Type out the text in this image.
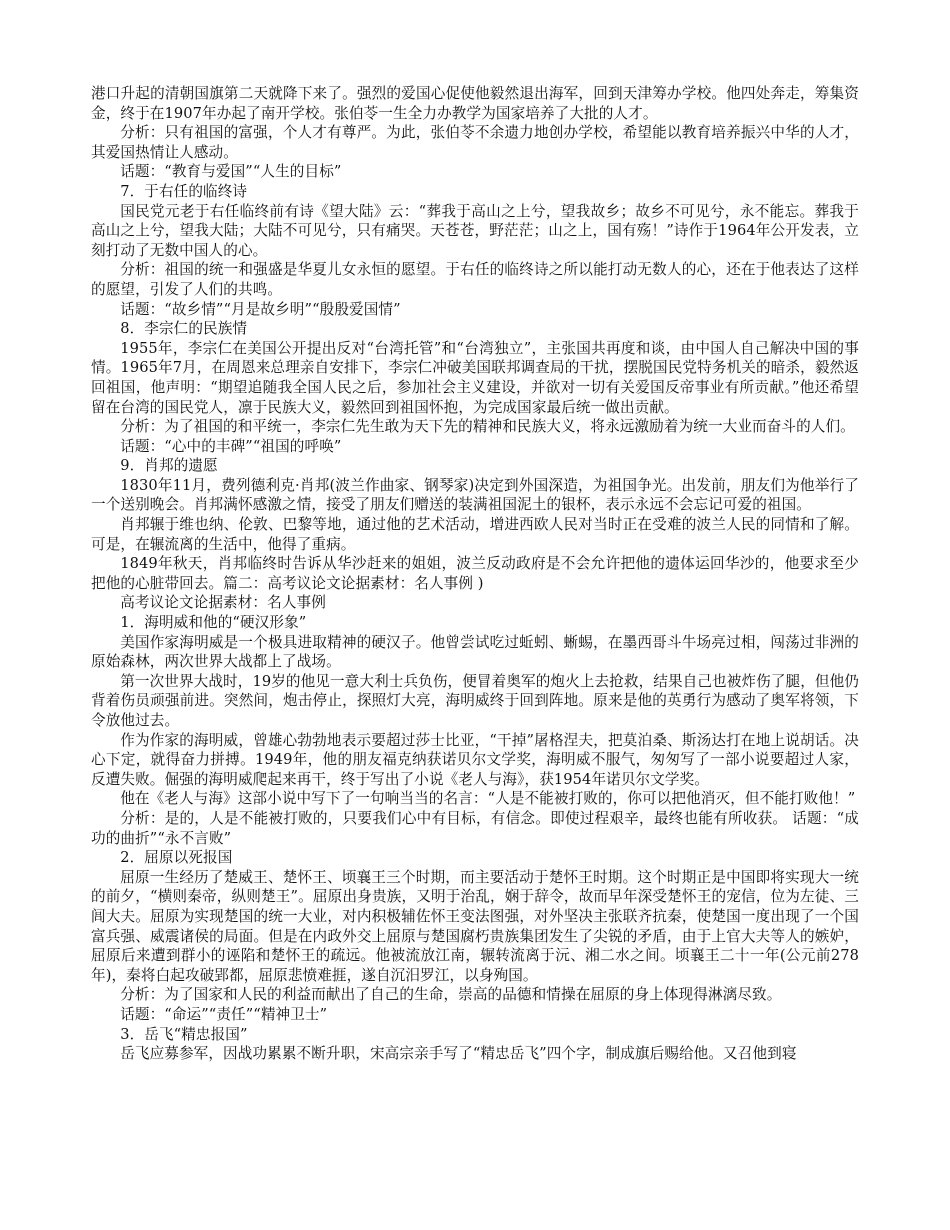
港口升起的清朝国旗第二天就降下来了。强烈的爱国心促使他毅然退出海军，回到天津筹办学校。他四处奔走，筹集资金，终于在1907年办起了南开学校。张伯苓一生全力办教学为国家培养了大批的人才。

分析：只有祖国的富强，个人才有尊严。为此，张伯苓不余遗力地创办学校，希望能以教育培养振兴中华的人才，其爱国热情让人感动。

话题：“教育与爱国”“人生的目标”

7．于右任的临终诗

国民党元老于右任临终前有诗《望大陆》云：“葬我于高山之上兮，望我故乡；故乡不可见兮，永不能忘。葬我于高山之上兮，望我大陆；大陆不可见兮，只有痛哭。天苍苍，野茫茫；山之上，国有殇！”诗作于1964年公开发表，立刻打动了无数中国人的心。

分析：祖国的统一和强盛是华夏儿女永恒的愿望。于右任的临终诗之所以能打动无数人的心，还在于他表达了这样的愿望，引发了人们的共鸣。

话题：“故乡情”“月是故乡明”“殷殷爱国情”

8．李宗仁的民族情

1955年，李宗仁在美国公开提出反对“台湾托管”和“台湾独立”，主张国共再度和谈，由中国人自己解决中国的事情。1965年7月，在周恩来总理亲自安排下，李宗仁冲破美国联邦调查局的干扰，摆脱国民党特务机关的暗杀，毅然返回祖国，他声明：“期望追随我全国人民之后，参加社会主义建设，并欲对一切有关爱国反帝事业有所贡献。”他还希望留在台湾的国民党人，凛于民族大义，毅然回到祖国怀抱，为完成国家最后统一做出贡献。

分析：为了祖国的和平统一，李宗仁先生敢为天下先的精神和民族大义，将永远激励着为统一大业而奋斗的人们。

话题：“心中的丰碑”“祖国的呼唤”

9．肖邦的遗愿

1830年11月，费列德利克·肖邦(波兰作曲家、钢琴家)决定到外国深造，为祖国争光。出发前，朋友们为他举行了一个送别晚会。肖邦满怀感激之情，接受了朋友们赠送的装满祖国泥土的银杯，表示永远不会忘记可爱的祖国。

肖邦辗于维也纳、伦敦、巴黎等地，通过他的艺术活动，增进西欧人民对当时正在受难的波兰人民的同情和了解。可是，在辗流离的生活中，他得了重病。

1849年秋天，肖邦临终时告诉从华沙赶来的姐姐，波兰反动政府是不会允许把他的遗体运回华沙的，他要求至少把他的心脏带回去。篇二：高考议论文论据素材：名人事例 )

高考议论文论据素材：名人事例

1．海明威和他的“硬汉形象”

美国作家海明威是一个极具进取精神的硬汉子。他曾尝试吃过蚯蚓、蜥蜴，在墨西哥斗牛场亮过相，闯荡过非洲的原始森林，两次世界大战都上了战场。

第一次世界大战时，19岁的他见一意大利士兵负伤，便冒着奥军的炮火上去抢救，结果自己也被炸伤了腿，但他仍背着伤员顽强前进。突然间，炮击停止，探照灯大亮，海明威终于回到阵地。原来是他的英勇行为感动了奥军将领，下令放他过去。

作为作家的海明威，曾雄心勃勃地表示要超过莎士比亚，“干掉”屠格涅夫，把莫泊桑、斯汤达打在地上说胡话。决心下定，就得奋力拼搏。1949年，他的朋友福克纳获诺贝尔文学奖，海明威不服气，匆匆写了一部小说要超过人家，反遭失败。倔强的海明威爬起来再干，终于写出了小说《老人与海》，获1954年诺贝尔文学奖。

他在《老人与海》这部小说中写下了一句响当当的名言：“人是不能被打败的，你可以把他消灭，但不能打败他！”

分析：是的，人是不能被打败的，只要我们心中有目标，有信念。即使过程艰辛，最终也能有所收获。 话题：“成功的曲折”“永不言败”

2．屈原以死报国

屈原一生经历了楚威王、楚怀王、顷襄王三个时期，而主要活动于楚怀王时期。这个时期正是中国即将实现大一统的前夕，“横则秦帝，纵则楚王”。屈原出身贵族，又明于治乱，娴于辞令，故而早年深受楚怀王的宠信，位为左徒、三闾大夫。屈原为实现楚国的统一大业，对内积极辅佐怀王变法图强，对外坚决主张联齐抗秦，使楚国一度出现了一个国富兵强、威震诸侯的局面。但是在内政外交上屈原与楚国腐朽贵族集团发生了尖锐的矛盾，由于上官大夫等人的嫉妒，屈原后来遭到群小的诬陷和楚怀王的疏远。他被流放江南，辗转流离于沅、湘二水之间。顷襄王二十一年(公元前278年)，秦将白起攻破郢都，屈原悲愤难捱，遂自沉汨罗江，以身殉国。

分析：为了国家和人民的利益而献出了自己的生命，崇高的品德和情操在屈原的身上体现得淋漓尽致。

话题：“命运”“责任”“精神卫士”

3．岳飞“精忠报国”

岳飞应募参军，因战功累累不断升职，宋高宗亲手写了“精忠岳飞”四个字，制成旗后赐给他。又召他到寝
